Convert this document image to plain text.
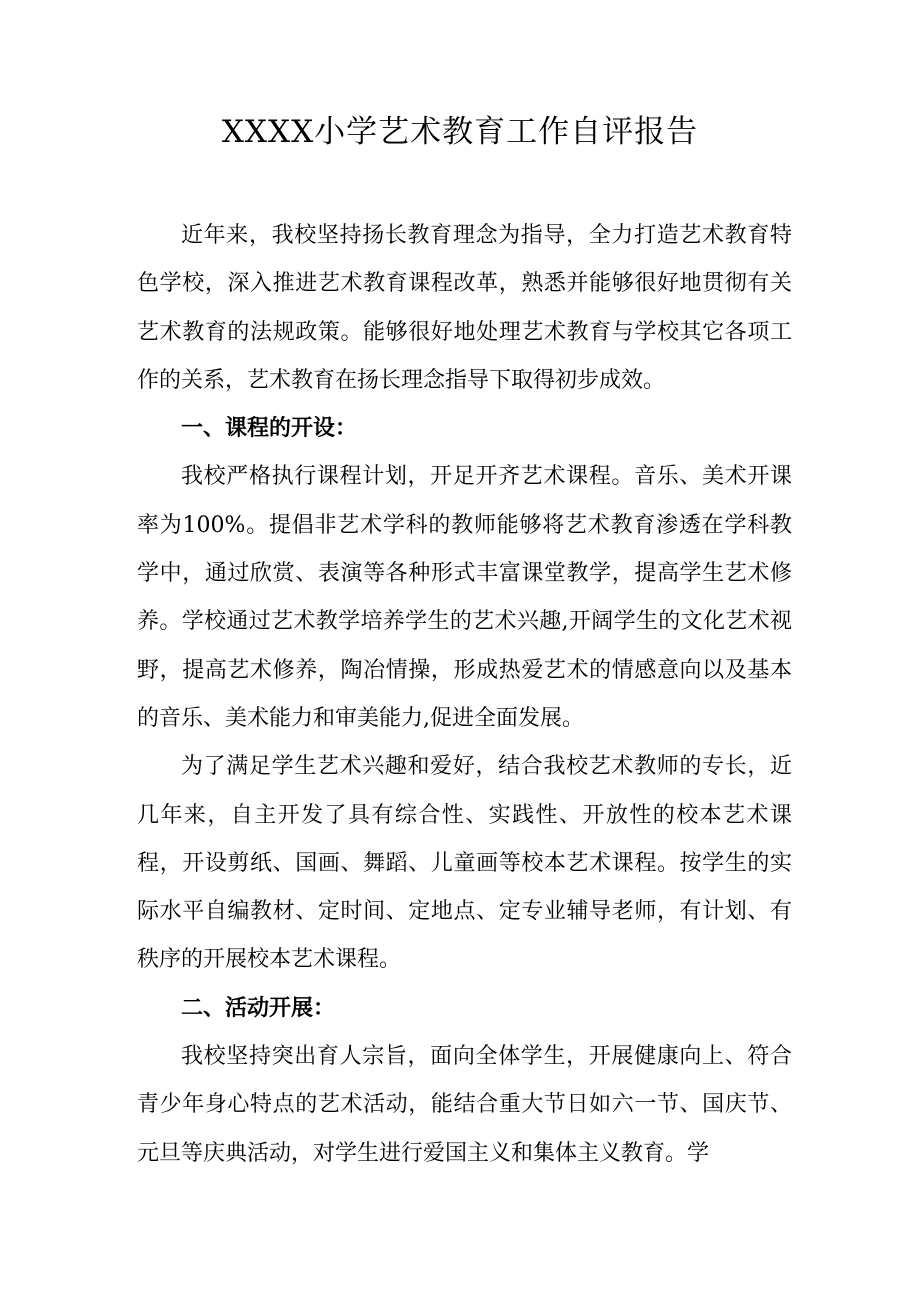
XXXX小学艺术教育工作自评报告

近年来，我校坚持扬长教育理念为指导，全力打造艺术教育特色学校，深入推进艺术教育课程改革，熟悉并能够很好地贯彻有关艺术教育的法规政策。能够很好地处理艺术教育与学校其它各项工作的关系，艺术教育在扬长理念指导下取得初步成效。

一、课程的开设：

我校严格执行课程计划，开足开齐艺术课程。音乐、美术开课率为100%。提倡非艺术学科的教师能够将艺术教育渗透在学科教学中，通过欣赏、表演等各种形式丰富课堂教学，提高学生艺术修养。学校通过艺术教学培养学生的艺术兴趣,开阔学生的文化艺术视野，提高艺术修养，陶冶情操，形成热爱艺术的情感意向以及基本的音乐、美术能力和审美能力,促进全面发展。

为了满足学生艺术兴趣和爱好，结合我校艺术教师的专长，近几年来，自主开发了具有综合性、实践性、开放性的校本艺术课程，开设剪纸、国画、舞蹈、儿童画等校本艺术课程。按学生的实际水平自编教材、定时间、定地点、定专业辅导老师，有计划、有秩序的开展校本艺术课程。

二、活动开展：

我校坚持突出育人宗旨，面向全体学生，开展健康向上、符合青少年身心特点的艺术活动，能结合重大节日如六一节、国庆节、元旦等庆典活动，对学生进行爱国主义和集体主义教育。学
